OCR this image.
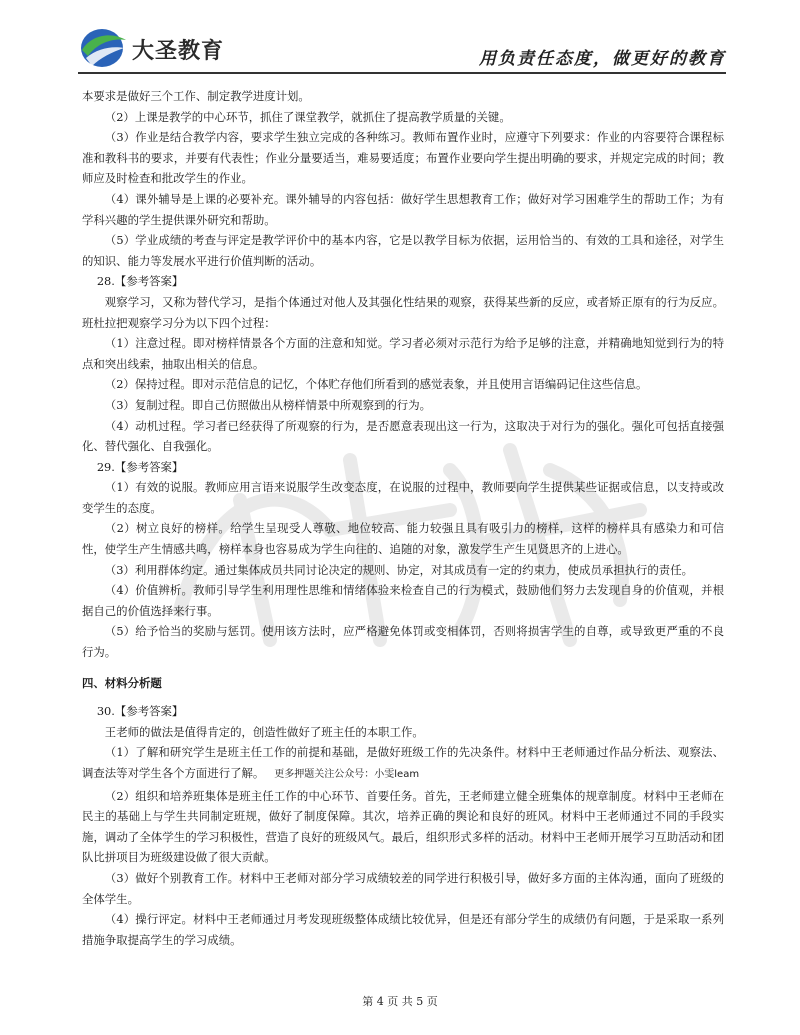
大圣教育	用负责任态度，做更好的教育

本要求是做好三个工作、制定教学进度计划。

（2）上课是教学的中心环节，抓住了课堂教学，就抓住了提高教学质量的关键。

（3）作业是结合教学内容，要求学生独立完成的各种练习。教师布置作业时，应遵守下列要求：作业的内容要符合课程标准和教科书的要求，并要有代表性；作业分量要适当，难易要适度；布置作业要向学生提出明确的要求，并规定完成的时间；教师应及时检查和批改学生的作业。

（4）课外辅导是上课的必要补充。课外辅导的内容包括：做好学生思想教育工作；做好对学习困难学生的帮助工作；为有学科兴趣的学生提供课外研究和帮助。

（5）学业成绩的考查与评定是教学评价中的基本内容，它是以教学目标为依据，运用恰当的、有效的工具和途径，对学生的知识、能力等发展水平进行价值判断的活动。

28.【参考答案】

观察学习，又称为替代学习，是指个体通过对他人及其强化性结果的观察，获得某些新的反应，或者矫正原有的行为反应。班杜拉把观察学习分为以下四个过程：

（1）注意过程。即对榜样情景各个方面的注意和知觉。学习者必须对示范行为给予足够的注意，并精确地知觉到行为的特点和突出线索，抽取出相关的信息。

（2）保持过程。即对示范信息的记忆，个体贮存他们所看到的感觉表象，并且使用言语编码记住这些信息。

（3）复制过程。即自己仿照做出从榜样情景中所观察到的行为。

（4）动机过程。学习者已经获得了所观察的行为，是否愿意表现出这一行为，这取决于对行为的强化。强化可包括直接强化、替代强化、自我强化。

29.【参考答案】

（1）有效的说服。教师应用言语来说服学生改变态度，在说服的过程中，教师要向学生提供某些证据或信息，以支持或改变学生的态度。

（2）树立良好的榜样。给学生呈现受人尊敬、地位较高、能力较强且具有吸引力的榜样，这样的榜样具有感染力和可信性，使学生产生情感共鸣，榜样本身也容易成为学生向往的、追随的对象，激发学生产生见贤思齐的上进心。

（3）利用群体约定。通过集体成员共同讨论决定的规则、协定，对其成员有一定的约束力，使成员承担执行的责任。

（4）价值辨析。教师引导学生利用理性思维和情绪体验来检查自己的行为模式，鼓励他们努力去发现自身的价值观，并根据自己的价值选择来行事。

（5）给予恰当的奖励与惩罚。使用该方法时，应严格避免体罚或变相体罚，否则将损害学生的自尊，或导致更严重的不良行为。

四、材料分析题

30.【参考答案】

王老师的做法是值得肯定的，创造性做好了班主任的本职工作。

（1）了解和研究学生是班主任工作的前提和基础，是做好班级工作的先决条件。材料中王老师通过作品分析法、观察法、调查法等对学生各个方面进行了解。 更多押题关注公众号：小雯leam

（2）组织和培养班集体是班主任工作的中心环节、首要任务。首先，王老师建立健全班集体的规章制度。材料中王老师在民主的基础上与学生共同制定班规，做好了制度保障。其次，培养正确的舆论和良好的班风。材料中王老师通过不同的手段实施，调动了全体学生的学习积极性，营造了良好的班级风气。最后，组织形式多样的活动。材料中王老师开展学习互助活动和团队比拼项目为班级建设做了很大贡献。

（3）做好个别教育工作。材料中王老师对部分学习成绩较差的同学进行积极引导，做好多方面的主体沟通，面向了班级的全体学生。

（4）操行评定。材料中王老师通过月考发现班级整体成绩比较优异，但是还有部分学生的成绩仍有问题，于是采取一系列措施争取提高学生的学习成绩。

第 4 页 共 5 页
